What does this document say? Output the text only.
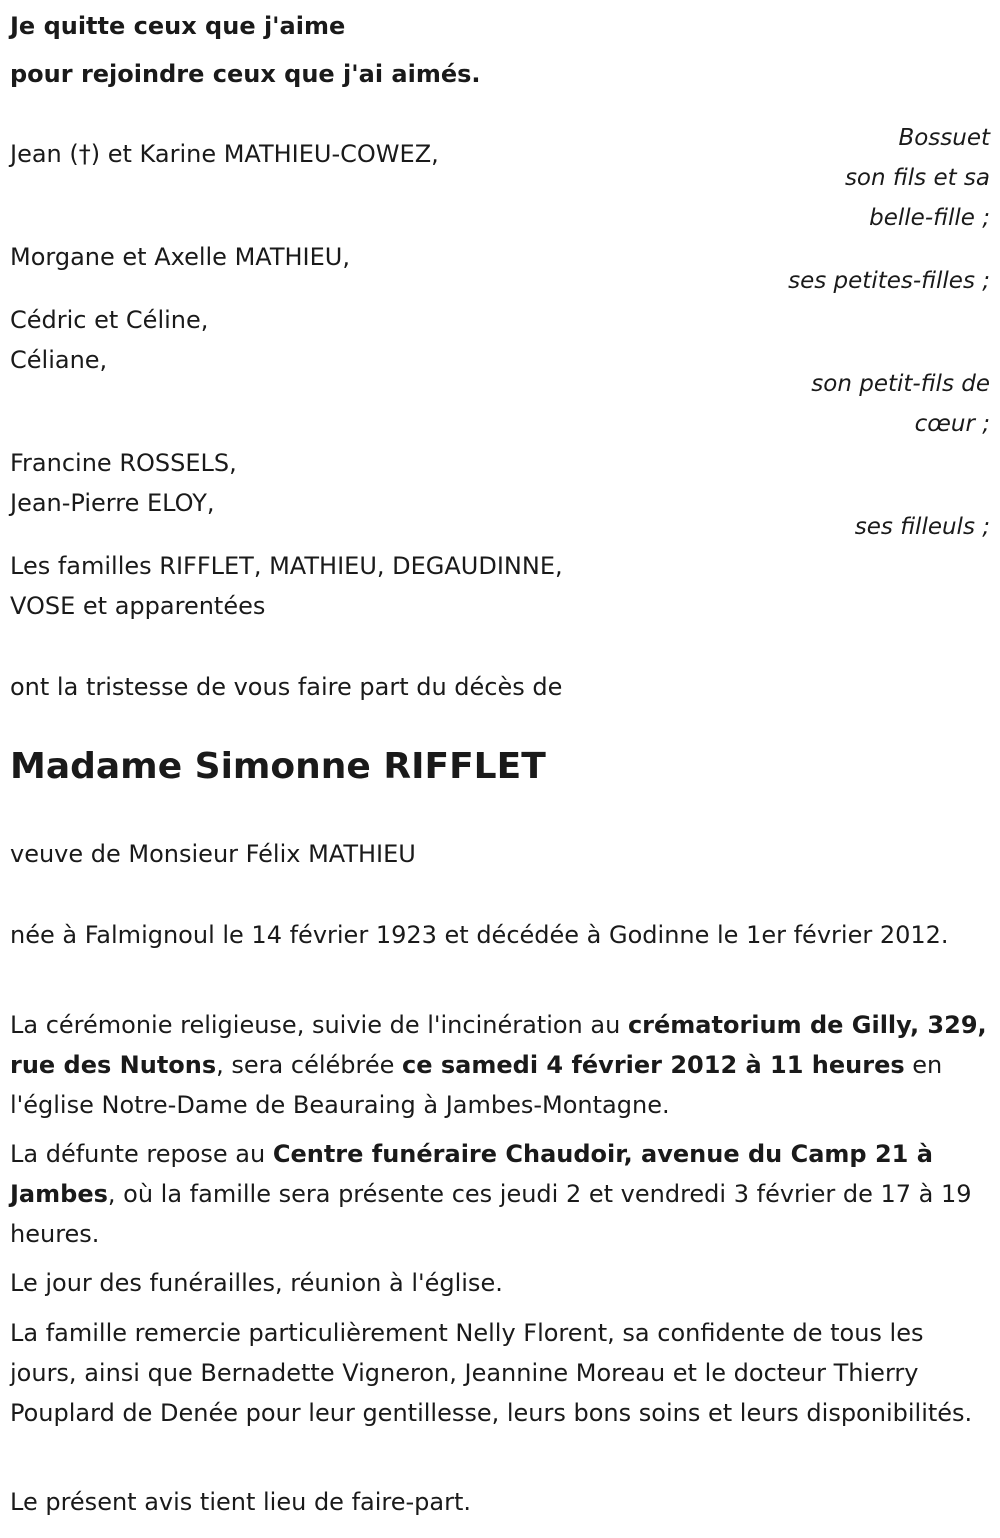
Je quitte ceux que j'aime
pour rejoindre ceux que j'ai aimés.
Jean (†) et Karine MATHIEU-COWEZ,
Bossuet
son fils et sa
belle-fille ;
Morgane et Axelle MATHIEU,
ses petites-filles ;
Cédric et Céline,
Céliane,
son petit-fils de
cœur ;
Francine ROSSELS,
Jean-Pierre ELOY,
ses filleuls ;
Les familles RIFFLET, MATHIEU, DEGAUDINNE,
VOSE et apparentées
ont la tristesse de vous faire part du décès de
Madame Simonne RIFFLET
veuve de Monsieur Félix MATHIEU
née à Falmignoul le 14 février 1923 et décédée à Godinne le 1er février 2012.
La cérémonie religieuse, suivie de l'incinération au crématorium de Gilly, 329, rue des Nutons, sera célébrée ce samedi 4 février 2012 à 11 heures en l'église Notre-Dame de Beauraing à Jambes-Montagne.
La défunte repose au Centre funéraire Chaudoir, avenue du Camp 21 à Jambes, où la famille sera présente ces jeudi 2 et vendredi 3 février de 17 à 19 heures.
Le jour des funérailles, réunion à l'église.
La famille remercie particulièrement Nelly Florent, sa confidente de tous les jours, ainsi que Bernadette Vigneron, Jeannine Moreau et le docteur Thierry Pouplard de Denée pour leur gentillesse, leurs bons soins et leurs disponibilités.
Le présent avis tient lieu de faire-part.
